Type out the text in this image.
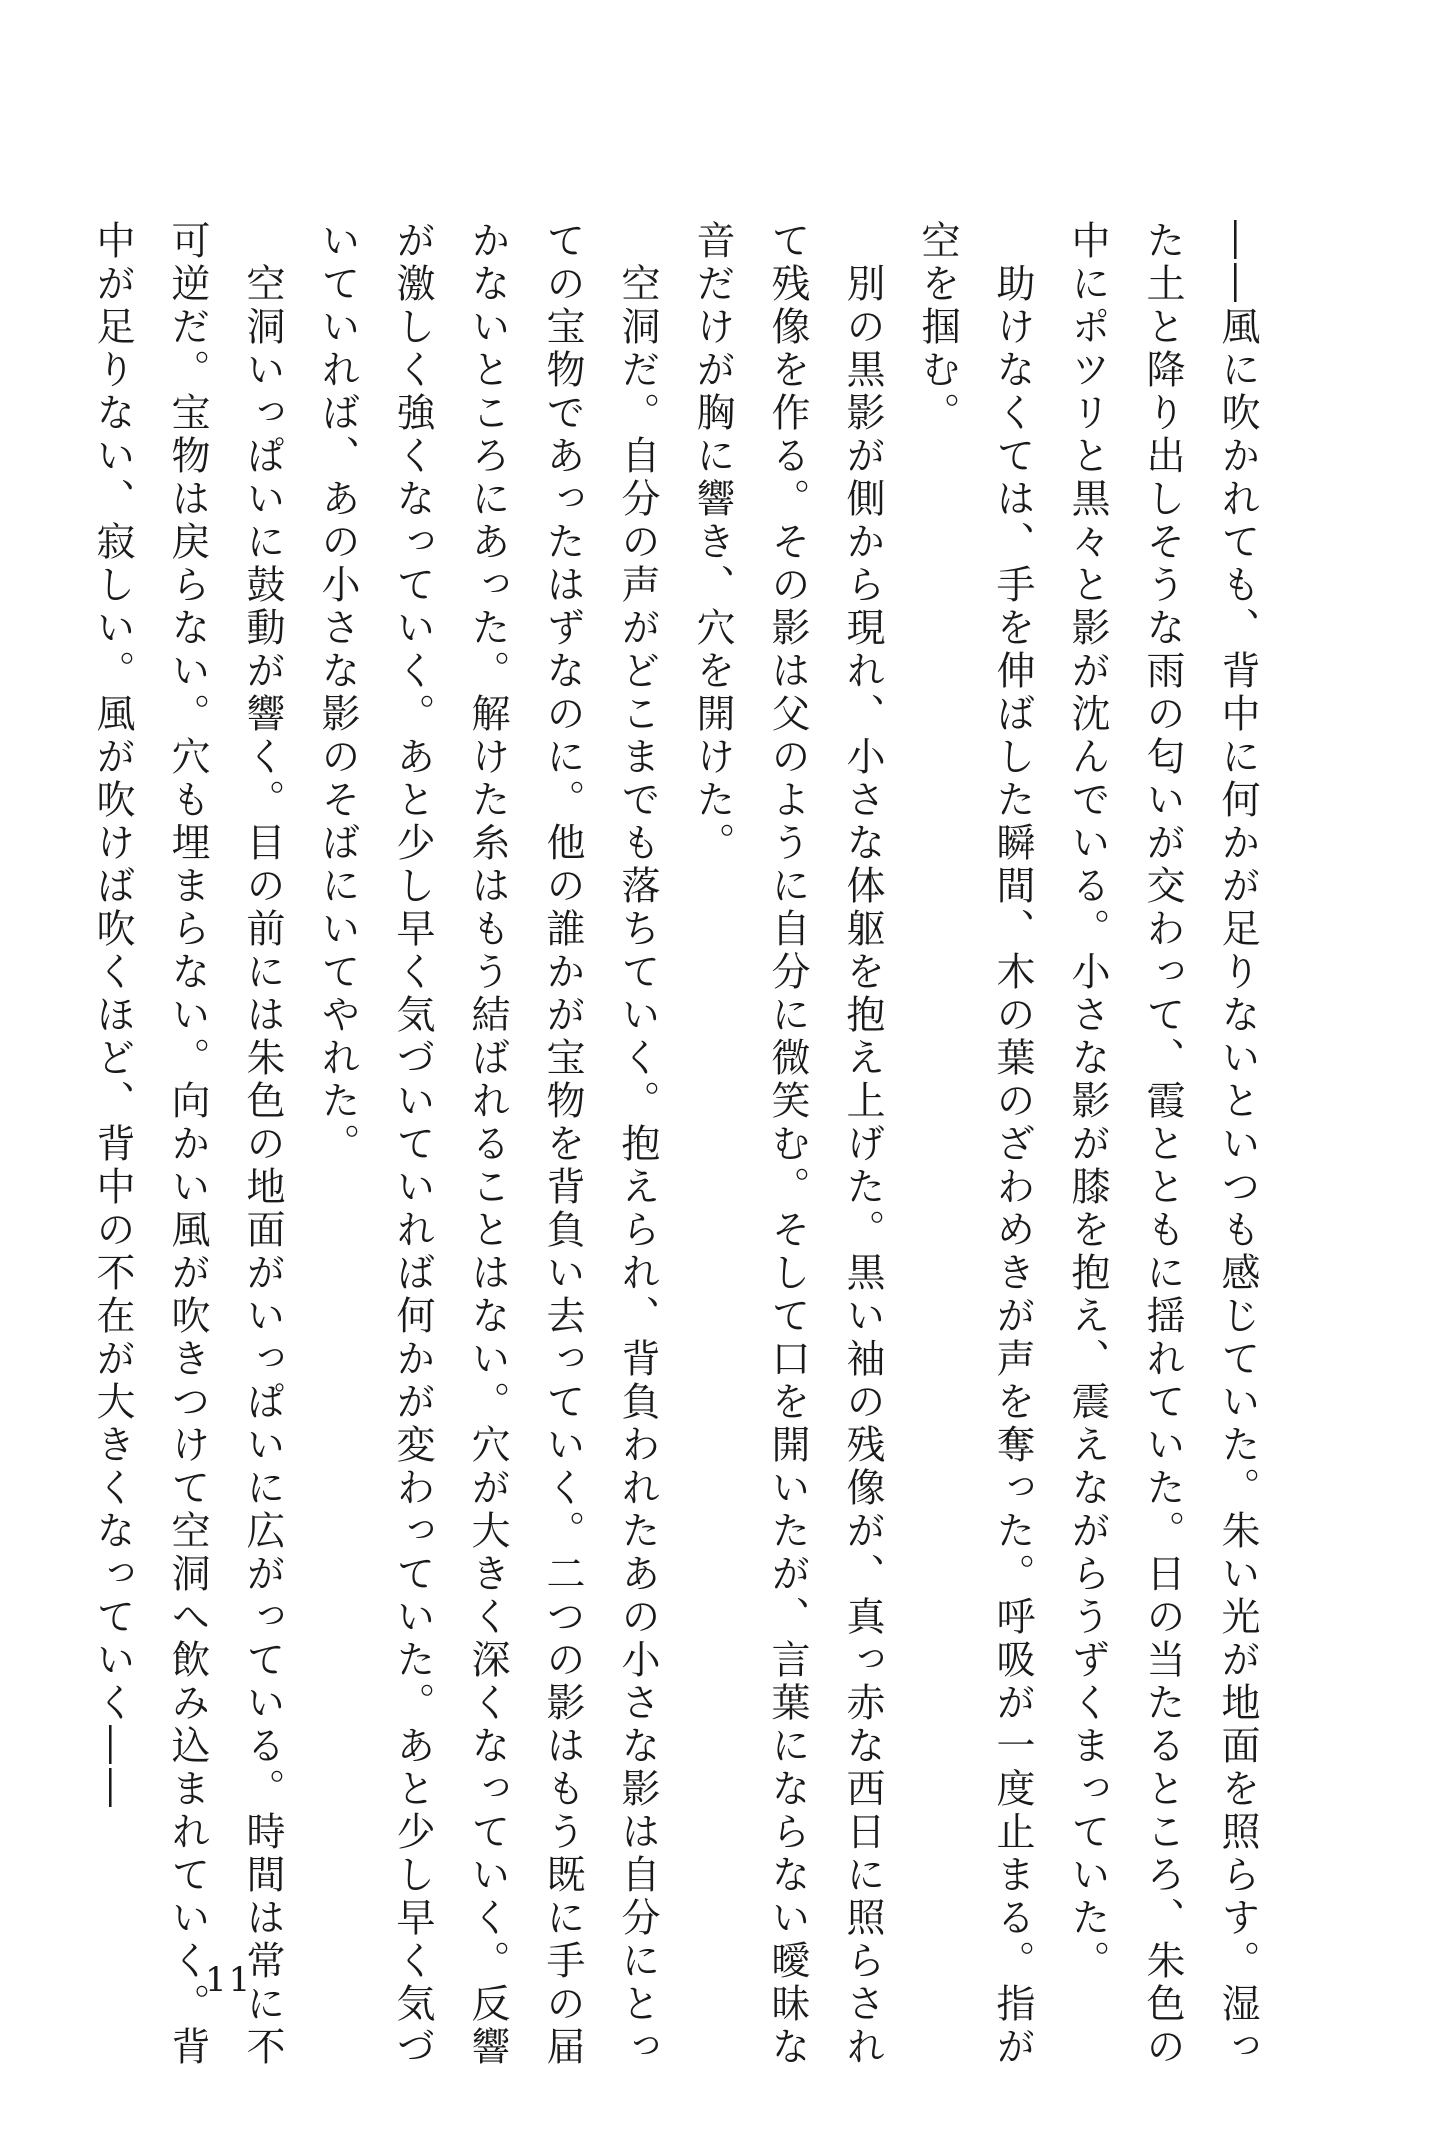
――風に吹かれても、背中に何かが足りないといつも感じていた。朱い光が地面を照らす。湿っ
た土と降り出しそうな雨の匂いが交わって、霞とともに揺れていた。日の当たるところ、朱色の
中にポツリと黒々と影が沈んでいる。小さな影が膝を抱え、震えながらうずくまっていた。
　助けなくては、手を伸ばした瞬間、木の葉のざわめきが声を奪った。呼吸が一度止まる。指が
空を掴む。
　別の黒影が側から現れ、小さな体躯を抱え上げた。黒い袖の残像が、真っ赤な西日に照らされ
て残像を作る。その影は父のように自分に微笑む。そして口を開いたが、言葉にならない曖昧な
音だけが胸に響き、穴を開けた。
　空洞だ。自分の声がどこまでも落ちていく。抱えられ、背負われたあの小さな影は自分にとっ
ての宝物であったはずなのに。他の誰かが宝物を背負い去っていく。二つの影はもう既に手の届
かないところにあった。解けた糸はもう結ばれることはない。穴が大きく深くなっていく。反響
が激しく強くなっていく。あと少し早く気づいていれば何かが変わっていた。あと少し早く気づ
いていれば、あの小さな影のそばにいてやれた。
　空洞いっぱいに鼓動が響く。目の前には朱色の地面がいっぱいに広がっている。時間は常に不
可逆だ。宝物は戻らない。穴も埋まらない。向かい風が吹きつけて空洞へ飲み込まれていく。背
中が足りない、寂しい。風が吹けば吹くほど、背中の不在が大きくなっていく――
11
